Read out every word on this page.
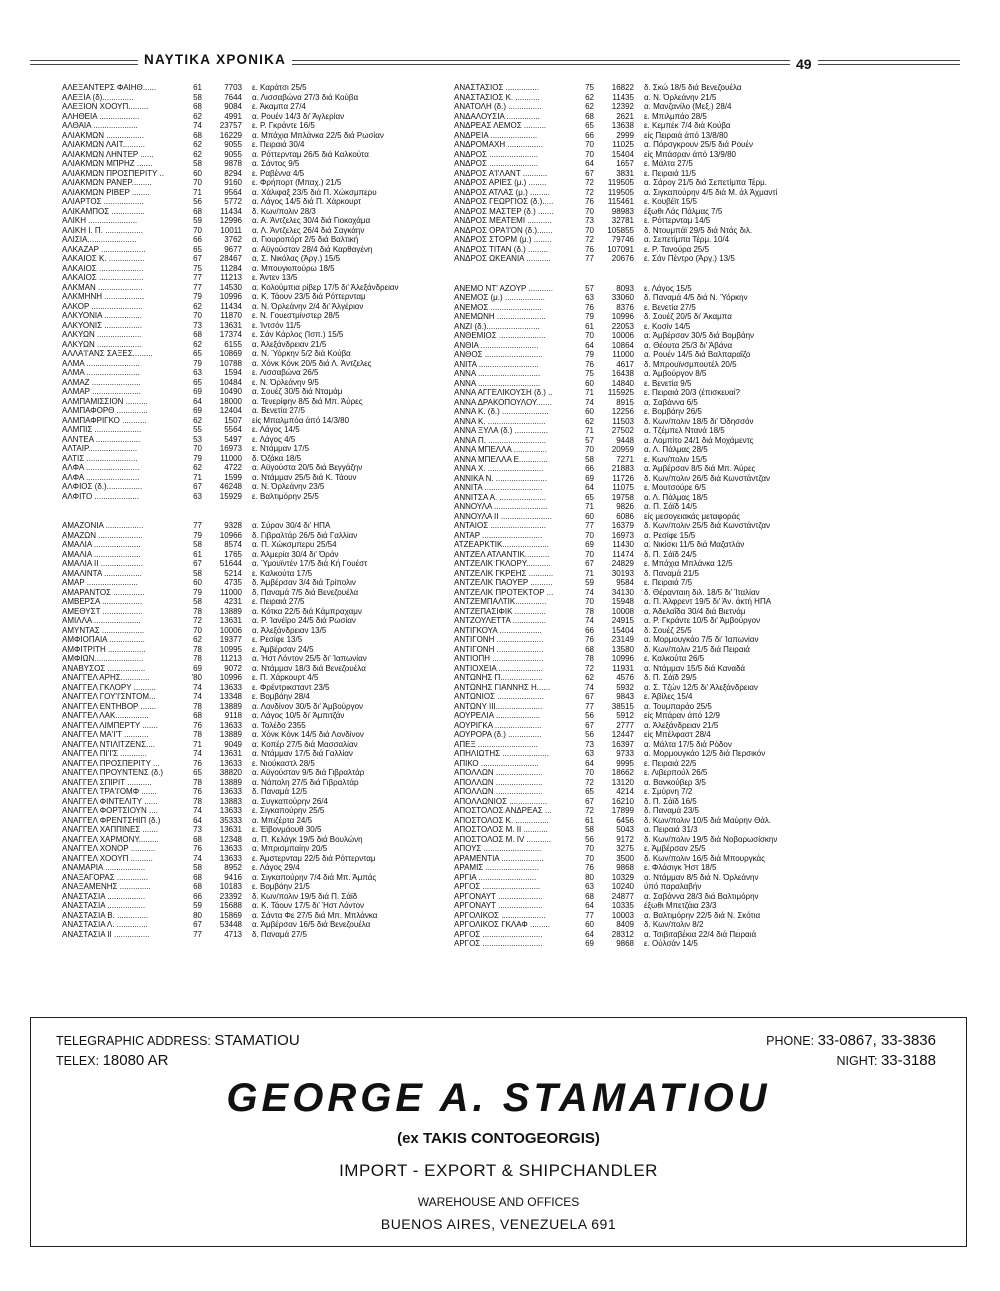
ΝΑΥΤΙΚΑ ΧΡΟΝΙΚΑ	49
ΑΛΕΞΑΝΤΕΡΣ ΦΑΙΗΘ......	61	7703	ε. Καράτσι 25/5
ΑΛΕΞΙΑ (δ)..............	58	7644	α. Λισσαβώνα 27/3 διά Κούβα
ΑΛΕΞΙΟΝ ΧΟΟΥΠ.........	68	9084	ε. Άκαμπα 27/4
ΑΛΗΘΕΙΑ ..................	62	4991	α. Ρουέν 14/3 δι' Άγλερίαν
ΑΛΘΑΙΑ ....................	74	23757	ε. Ρ. Γκράντε 16/5
ΑΛΙΑΚΜΩΝ .................	68	16229	α. Μπάχια Μπλάνκα 22/5 διά Ρωσίαν
ΑΛΙΑΚΜΩΝ ΛΑΙΤ..........	62	9055	ε. Πειραιά 30/4
ΑΛΙΑΚΜΩΝ ΛΗΝΤΕΡ ......	62	9055	α. Ρόττερνταμ 26/5 διά Καλκούτα
ΑΛΙΑΚΜΩΝ ΜΠΡΗΖ .......	58	9878	α. Σάντος 9/5
ΑΛΙΑΚΜΩΝ ΠΡΟΣΠΕΡΙΤΥ ..	60	8294	ε. Ραβέννα 4/5
ΑΛΙΑΚΜΩΝ ΡΑΝΕΡ.........	70	9160	ε. Φρήπορτ (Μπαχ.) 21/5
ΑΛΙΑΚΜΩΝ ΡΙΒΕΡ ........	71	9564	α. Χάλιφαξ 23/5 διά Π. Χώκσμπερυ
ΑΛΙΑΡΤΟΣ ..................	56	5772	α. Λάγος 14/5 διά Π. Χάρκουρτ
ΑΛΙΚΑΜΠΟΣ ...............	68	11434	δ. Κων/πολιν 28/3
ΑΛΙΚΗ ......................	59	12996	α. Α. Άντζελες 30/4 διά Γιοκοχάμα
ΑΛΙΚΗ Ι. Π. .................	70	10011	α. Λ. Άντζελες 26/4 διά Σαγκάην
ΑΛΙΣΙΑ......................	66	3762	α. Γιουροπόρτ 2/5 διά Βαλτική
ΑΛΚΑΖΑΡ ....................	65	9677	α. Αϋγούσταν 28/4 διά Καρθαγένη
ΑΛΚΑΙΟΣ Κ. ................	67	28467	α. Σ. Νικόλας (Άργ.) 15/5
ΑΛΚΑΙΟΣ ....................	75	11284	α. Μπουγκιπούρω 18/5
ΑΛΚΑΙΟΣ ....................	77	11213	ε. Άντεν 13/5
ΑΛΚΜΑΝ ....................	77	14530	α. Κολούμπια ρίβερ 17/5 δι' Άλεξάνδρειαν
ΑΛΚΜΗΝΗ ..................	79	10996	α. Κ. Τάουν 23/5 διά Ρόττερνταμ
ΑΛΚΟΡ .......................	62	11434	α. Ν. Όρλεάνην 2/4 δι' Άλγέριον
ΑΛΚΥΟΝΙΑ .................	70	11870	ε. Ν. Γουεστμίνστερ 28/5
ΑΛΚΥΟΝΙΣ .................	73	13631	ε. Ίντσόν 11/5
ΑΛΚΥΩΝ ....................	68	17374	ε. Σάν Κάρλος (Ίσπ.) 15/5
ΑΛΚΥΩΝ ....................	62	6155	α. Άλεξάνδρειαν 21/5
ΑΛΛΑ'Ι'ΑΝΣ ΣΑΞΕΣ.........	65	10869	α. Ν. Ύόρκην 5/2 διά Κούβα
ΑΛΜΑ ........................	79	10788	α. Χόνκ Κόνκ 20/5 διά Λ. Άντζελες
ΑΛΜΑ ........................	63	1594	ε. Λισσαβώνα 26/5
ΑΛΜΑΖ ......................	65	10484	ε. Ν. Όρλεάνην 9/5
ΑΛΜΑΡ ......................	69	10490	α. Σουέζ 30/5 διά Νταμάμ
ΑΛΜΠΑΜΙΣΣΙΟΝ ..........	64	18000	α. Τενερίφην 8/5 διά Μπ. Άύρες
ΑΛΜΠΑΦΟΡΘ ..............	69	12404	α. Βενετία 27/5
ΑΛΜΠΑΦΡΙΓΚΟ ...........	62	1507	είς Μπαλμπόα άπό 14/3/80
ΑΛΜΠΙΣ .....................	55	5564	ε. Λάγος 14/5
ΑΛΝΤΕΑ ....................	53	5497	ε. Λάγος 4/5
ΑΛΤΑΙΡ......................	70	16973	ε. Ντάμμαν 17/5
ΑΛΤΙΣ .......................	79	11000	δ. Όζάκα 18/5
ΑΛΦΑ ........................	62	4722	α. Αϋγούστα 20/5 διά Βεγγάζην
ΑΛΦΑ ........................	71	1599	α. Ντάμμαν 25/5 διά Κ. Τάουν
ΑΛΦΙΟΣ (δ.)................	67	46248	α. Ν. Όρλεάνην 23/5
ΑΛΦΙΤΟ ....................	63	15929	ε. Βαλτιμόρην 25/5
ΑΜΑΖΟΝΙΑ .................	77	9328	α. Σύρον 30/4 δι' ΗΠΑ
ΑΜΑΖΩΝ ....................	79	10966	δ. Γιβραλτάρ 26/5 διά Γαλλίαν
ΑΜΑΛΙΑ .....................	58	8574	α. Π. Χώκσμπερυ 25/54
ΑΜΑΛΙΑ .....................	61	1765	α. Άλμερία 30/4 δι' Όράν
ΑΜΑΛΙΑ ΙΙ ...................	67	51644	α. Ύμουϊντέν 17/5 διά Κή Γουέστ
ΑΜΑΛΙΝΤΑ .................	58	5214	ε. Καλκούτα 17/5
ΑΜΑΡ .......................	60	4735	δ. Άμβέρσαν 3/4 διά Τρίπολιν
ΑΜΑΡΑΝΤΟΣ ..............	79	11000	δ. Παναμά 7/5 διά Βενεζουέλα
ΑΜΒΕΡΣΑ ..................	58	4231	ε. Πειραιά 27/5
ΑΜΕΘΥΣΤ ..................	78	13889	α. Κότκα 22/5 διά Κάμπραχαμν
ΑΜΙΛΛΑ .....................	72	13631	α. Ρ. Ίανέϊρο 24/5 διά Ρωσίαν
ΑΜΥΝΤΑΣ ...................	70	10006	α. Άλεξάνδρειαν 13/5
ΑΜΦΙΟΠΑΙΑ ................	62	19377	ε. Ρεσίφε 13/5
ΑΜΦΙΤΡΙΤΗ .................	78	10995	ε. Άμβέρσαν 24/5
ΑΜΦΙΩΝ......................	78	11213	α. Ήστ Λόντον 25/5 δι' Ίαπωνίαν
ΑΝΑΒΥΣΟΣ .................	69	9072	α. Ντάμμαν 18/3 διά Βενεζουέλα
ΑΝΑΓΓΕΛ ΑΡΗΣ.............	'80	10996	ε. Π. Χάρκουρτ 4/5
ΑΝΑΓΓΕΛ ΓΚΛΟΡΥ ..........	74	13633	ε. Φρέντρικσταντ 23/5
ΑΝΑΓΓΕΛ ΓΟΥ'Ι'ΣΝΤΟΜ...	74	13348	ε. Βομβάην 28/4
ΑΝΑΓΓΕΛ ΕΝΤΗΒΟΡ .......	78	13889	α. Λονδίνον 30/5 δι' Άμβούργον
ΑΝΑΓΓΕΛ ΛΑΚ...............	68	9118	α. Λάγος 10/5 δι' Άμπιτζάν
ΑΝΑΓΓΕΛ ΛΙΜΠΕΡΤΥ .......	76	13633	α. Τολέδο 2355
ΑΝΑΓΓΕΛ ΜΑ'Ι'Τ ...........	78	13889	α. Χόνκ Κόνκ 14/5 διά Λονδίνον
ΑΝΑΓΓΕΛ ΝΤΙΛΙΤΖΕΝΣ....	71	9049	α. Κοπέρ 27/5 διά Μασσαλίαν
ΑΝΑΓΓΕΛ ΠΙ'Ι'Σ ............	74	13631	α. Ντάμμαν 17/5 διά Γαλλίαν
ΑΝΑΓΓΕΛ ΠΡΟΣΠΕΡΙΤΥ ...	76	13633	ε. Νιούκαστλ 28/5
ΑΝΑΓΓΕΛ ΠΡΟΥΝΤΕΝΣ (δ.)	65	38820	α. Αϋγούσταν 9/5 διά Γιβραλτάρ
ΑΝΑΓΓΕΛ ΣΠΙΡΙΤ ...........	78	13889	α. Νάπολη 27/5 διά Γιβραλτάρ
ΑΝΑΓΓΕΛ ΤΡΑ'Ι'ΟΜΦ .......	76	13633	δ. Παναμά 12/5
ΑΝΑΓΓΕΛ ΦΙΝΤΕΛΙΤΥ ......	78	13883	α. Συγκαπούρην 26/4
ΑΝΑΓΓΕΛ ΦΟΡΤΣΙΟΥΝ ....	74	13633	ε. Σιγκαπούρην 25/5
ΑΝΑΓΓΕΛ ΦΡΕΝΤΣΗΙΠ (δ.)	64	35333	α. Μπιζέρτα 24/5
ΑΝΑΓΓΕΛ ΧΑΠΠΙΝΕΣ .......	73	13631	ε. Έϊβονμάουθ 30/5
ΑΝΑΓΓΕΛ ΧΑΡΜΟΝΥ.........	68	12348	α. Π. Κελάγκ 19/5 διά Βουλώνη
ΑΝΑΓΓΕΛ ΧΟΝΟΡ ...........	76	13633	α. Μπρισμπαίην 20/5
ΑΝΑΓΓΕΛ ΧΟΟΥΠ ..........	74	13633	ε. Άμστερνταμ 22/5 διά Ρόττερνταμ
ΑΝΑΜΑΡΙΑ ..................	58	8952	ε. Λάγος 29/4
ΑΝΑΞΑΓΟΡΑΣ ..............	68	9416	α. Σιγκαπούρην 7/4 διά Μπ. Άμπάς
ΑΝΑΞΑΜΕΝΗΣ ..............	68	10183	ε. Βομβάην 21/5
ΑΝΑΣΤΑΣΙΑ .................	66	23392	δ. Κων/πολιν 19/5 διά Π. Σάϊδ
ΑΝΑΣΤΑΣΙΑ .................	59	15688	α. Κ. Τάουν 17/5 δι' Ήστ Λόντον
ΑΝΑΣΤΑΣΙΑ Β. ..............	80	15869	α. Σάντα Φε 27/5 διά Μπ. Μπλάνκα
ΑΝΑΣΤΑΣΙΑ Λ. ..............	67	53448	α. Άμβέρσαν 16/5 διά Βενεζουέλα
ΑΝΑΣΤΑΣΙΑ ΙΙ ................	77	4713	δ. Παναμά 27/5
ΑΝΑΣΤΑΣΙΟΣ ...............	75	16822	δ. Σκώ 18/5 διά Βενεζουέλα
ΑΝΑΣΤΑΣΙΟΣ Κ. ...........	62	11435	α. Ν. Όρλεάνην 21/5
ΑΝΑΤΟΛΗ (δ.) ...............	62	12392	α. Μανζανίλο (Μεξ.) 28/4
ΑΝΔΑΛΟΥΣΙΑ ...............	68	2621	ε. Μπιλμπάο 28/5
ΑΝΔΡΕΑΣ ΛΕΜΟΣ ..........	65	13638	ε. Κεμπέκ 7/4 διά Κούβα
ΑΝΔΡΕΙΑ .....................	66	2999	είς Πειραιά άπό 13/8/80
ΑΝΔΡΟΜΑΧΗ ................	70	11025	α. Πόρσγκρουν 25/5 διά Ρουέν
ΑΝΔΡΟΣ ......................	70	15404	είς Μπάσραν άπό 13/9/80
ΑΝΔΡΟΣ ......................	64	1657	ε. Μάλτα 27/5
ΑΝΔΡΟΣ Α'Ι'ΛΑΝΤ ...........	67	3831	ε. Πειραιά 11/5
ΑΝΔΡΟΣ ΑΡΙΕΣ (μ.) ........	72	119505	α. Σάρογ 21/5 διά Σεπετίμπα Τέρμ.
ΑΝΔΡΟΣ ΑΤΛΑΣ (μ.) .........	72	119505	α. Σιγκαπούρην 4/5 διά Μ. άλ Άχμαντί
ΑΝΔΡΟΣ ΓΕΩΡΓΙΟΣ (δ.).....	76	115461	ε. Κουβέϊτ 15/5
ΑΝΔΡΟΣ ΜΑΣΤΕΡ (δ.) .......	70	98983	έξωθι Λάς Πάλμας 7/5
ΑΝΔΡΟΣ ΜΕΑΤΕΜΙ ...........	73	32781	ε. Ρόττερνταμ 14/5
ΑΝΔΡΟΣ ΟΡΑ'Ι'ΟΝ (δ.).......	70	105855	δ. Ντουμπάϊ 29/5 διά Ντάς διλ.
ΑΝΔΡΟΣ ΣΤΟΡΜ (μ.) ........	72	79746	α. Σεπετίμπα Τέρμ. 10/4
ΑΝΔΡΟΣ ΤΙΤΑΝ (δ.) .........	76	107091	ε. Ρ. Τανούρα 25/5
ΑΝΔΡΟΣ ΩΚΕΑΝΙΑ ...........	77	20676	ε. Σάν Πέντρο (Άργ.) 13/5
ΑΝΕΜΟ ΝΤ' ΑΖΟΥΡ ...........	57	8093	ε. Λάγος 15/5
ΑΝΕΜΟΣ (μ.) ..................	63	33060	δ. Παναμά 4/5 διά Ν. Ύόρκην
ΑΝΕΜΟΣ .......................	76	8376	ε. Βενετία 27/5
ΑΝΕΜΩΝΗ ......................	79	10996	δ. Σουέζ 20/5 δι' Άκαμπα
ΑΝΖΙ (δ.)........................	61	22053	ε. Κοσίν 14/5
ΑΝΘΕΜΙΟΣ .....................	70	10006	α. Άμβέρσαν 30/5 διά Βομβάην
ΑΝΘΙΑ ..........................	64	10864	α. Θέουτα 25/3 δι' Άβάνα
ΑΝΘΟΣ ..........................	79	11000	α. Ρουέν 14/5 διά Βαλπαραΐζο
ΑΝΙΤΑ ...........................	76	4617	δ. Μπρουϊνσμπουτέλ 20/5
ΑΝΝΑ ............................	75	16438	α. Άμβούργον 8/5
ΑΝΝΑ ............................	60	14840	ε. Βενετία 9/5
ΑΝΝΑ ΑΓΓΕΛΙΚΟΥΣΗ (δ.) ..	71	115925	ε. Πειραιά 20/3 (έπισκευαί?
ΑΝΝΑ ΔΡΑΚΟΠΟΥΛΟΥ.......	74	8915	α. Σαβάννα 6/5
ΑΝΝΑ Κ. (δ.) .....................	60	12256	ε. Βομβάην 26/5
ΑΝΝΑ Κ. ..........................	62	11503	δ. Κων/πολιν 18/5 δι' Όδησσόν
ΑΝΝΑ ΞΥΛΑ (δ.) ...............	71	27502	α. Τζέμπελ Ντανά 18/5
ΑΝΝΑ Π. ..........................	57	9448	α. Λομπίτο 24/1 διά Μοχάμεντς
ΑΝΝΑ ΜΠΕΛΛΑ ...............	70	20959	α. Λ. Πάλμας 28/5
ΑΝΝΑ ΜΠΕΛΛΑ Ε.............	58	7271	ε. Κων/πολιν 15/5
ΑΝΝΑ Χ. .........................	66	21883	α. Άμβέρσαν 8/5 διά Μπ. Άύρες
ΑΝΝΙΚΑ Ν. .......................	69	11726	δ. Κων/πολιν 26/5 διά Κωνστάντζαν
ΑΝΝΙΤΑ ..........................	64	11075	ε. Μουτσούρε 6/5
ΑΝΝΙΤΣΑ Α. .....................	65	19758	α. Λ. Πάλμας 18/5
ΑΝΝΟΥΛΑ ........................	71	9826	α. Π. Σάϊδ 14/5
ΑΝΝΟΥΛΑ ΙΙ .......................	60	6086	είς μεσογειακάς μεταφοράς
ΑΝΤΑΙΟΣ .........................	77	16379	δ. Κων/πολιν 25/5 διά Κωνστάντζαν
ΑΝΤΑΡ ...........................	70	16973	α. Ρεσίφε 15/5
ΑΤΖΕΑΡΚΤΙΚ.....................	69	11430	α. Νικίσκι 11/5 διά Μαζατλάν
ΑΝΤΖΕΛ ΑΤΛΑΝΤΙΚ...........	70	11474	δ. Π. Σάϊδ 24/5
ΑΝΤΖΕΛΙΚ ΓΚΛΟΡΥ...........	67	24829	ε. Μπάχια Μπλάνκα 12/5
ΑΝΤΖΕΛΙΚ ΓΚΡΕΗΣ ...........	71	30193	δ. Παναμά 21/5
ΑΝΤΖΕΛΙΚ ΠΑΟΥΕΡ ..........	59	9584	ε. Πειραιά 7/5
ΑΝΤΖΕΛΙΚ ΠΡΟΤΕΚΤΟΡ ...	74	34130	δ. Θέρανταιη διλ. 18/5 δι' Ίταλίαν
ΑΝΤΖΕΜΠΑΛΤΙΚ..............	70	15948	α. Π. Άλφρεντ 19/5 δι' Άν. άκτή ΗΠΑ
ΑΝΤΖΕΠΑΣΙΦΙΚ ..............	78	10008	α. Άδελαΐδα 30/4 διά Βιετνάμ
ΑΝΤΖΟΥΛΕΤΤΑ ...............	74	24915	α. Ρ. Γκράντε 10/5 δι' Άμβούργον
ΑΝΤΙΓΚΟΥΑ ...................	66	15404	δ. Σουέζ 25/5
ΑΝΤΙΓΟΝΗ .....................	76	23149	α. Μορμουγκάο 7/5 δι' Ίαπωνίαν
ΑΝΤΙΓΟΝΗ .....................	68	13580	δ. Κων/πολιν 21/5 διά Πειραιά
ΑΝΤΙΟΠΗ .......................	78	10996	ε. Καλκούτα 26/5
ΑΝΤΙΟΧΕΙΑ ....................	72	11931	α. Ντάμμαν 15/5 διά Καναδά
ΑΝΤΩΝΗΣ Π...................	62	4576	δ. Π. Σάϊδ 29/5
ΑΝΤΩΝΗΣ ΓΙΑΝΝΗΣ Η......	74	5932	α. Σ. Τζών 12/5 δι' Άλεξάνδρειαν
ΑΝΤΩΝΙΟΣ .....................	67	9843	ε. Άβίλες 15/4
ΑΝΤΩΝΥ ΙΙΙ.....................	77	38515	α. Τουμπαράο 25/5
ΑΟΥΡΕΛΙΑ ....................	56	5912	είς Μπάραν άπό 12/9
ΑΟΥΡΙΓΚΑ .....................	67	2777	α. Άλεξάνδρειαν 21/5
ΑΟΥΡΟΡΑ (δ.) ...............	56	12447	είς Μπέλφαστ 28/4
ΑΠΕΞ ...........................	73	16397	α. Μάλτα 17/5 διά Ρόδον
ΑΠΗΛΙΩΤΗΣ .....................	63	9733	α. Μορμουγκάο 12/5 διά Περσικόν
ΑΠΙΚΟ ..........................	64	9995	ε. Πειραιά 22/5
ΑΠΟΛΛΩΝ .....................	70	18662	ε. Λιβερπούλ 26/5
ΑΠΟΛΛΩΝ .....................	72	13120	α. Βανκούβερ 3/5
ΑΠΟΛΛΩΝ .....................	65	4214	ε. Σμύρνη 7/2
ΑΠΟΛΛΩΝΙΟΣ .................	67	16210	δ. Π. Σάϊδ 16/5
ΑΠΟΣΤΟΛΟΣ ΑΝΔΡΕΑΣ ...	72	17899	δ. Παναμά 23/5
ΑΠΟΣΤΟΛΟΣ Κ. ...............	61	6456	δ. Κων/πολιν 10/5 διά Μαύρην Θάλ.
ΑΠΟΣΤΟΛΟΣ Μ. ΙΙ ...........	58	5043	α. Πειραιά 31/3
ΑΠΟΣΤΟΛΟΣ Μ. ΙV ...........	56	9172	δ. Κων/πολιν 19/5 διά Νοβορωσίσκην
ΑΠΟΥΣ ..........................	70	3275	ε. Άμβέρσαν 25/5
ΑΡΑΜΕΝΤΙΑ ...................	70	3500	δ. Κων/πολιν 16/5 διά Μπουργκάς
ΑΡΑΜΙΣ ........................	76	9868	ε. Φλάσιγκ Ήστ 18/5
ΑΡΓΙΑ ..........................	80	10329	α. Ντάμμαν 8/5 διά Ν. Όρλεάνην
ΑΡΓΟΣ ..........................	63	10240	ύπό παραλαβήν
ΑΡΓΟΝΑΥΤ ....................	68	24877	α. Σαβάννα 28/3 διά Βαλτιμόρην
ΑΡΓΟΝΑΥΤ ....................	64	10335	έξωθι Μπετζάια 23/3
ΑΡΓΟΛΙΚΟΣ ....................	77	10003	α. Βαλτιμόρην 22/5 διά Ν. Σκότια
ΑΡΓΟΛΙΚΟΣ ΓΚΛΑΦ .........	60	8409	δ. Κων/πολιν 8/2
ΑΡΓΟΣ ...........................	64	28312	α. Τσιβιταβέκια 22/4 διά Πειραιά
ΑΡΓΟΣ ...........................	69	9868	ε. Ούλσάν 14/5
TELEGRAPHIC ADDRESS: STAMATIOU
TELEX: 18080 AR
PHONE: 33-0867, 33-3836
NIGHT: 33-3188
GEORGE A. STAMATIOU
(ex TAKIS CONTOGEORGIS)
IMPORT - EXPORT & SHIPCHANDLER
WAREHOUSE AND OFFICES
BUENOS AIRES, VENEZUELA 691
